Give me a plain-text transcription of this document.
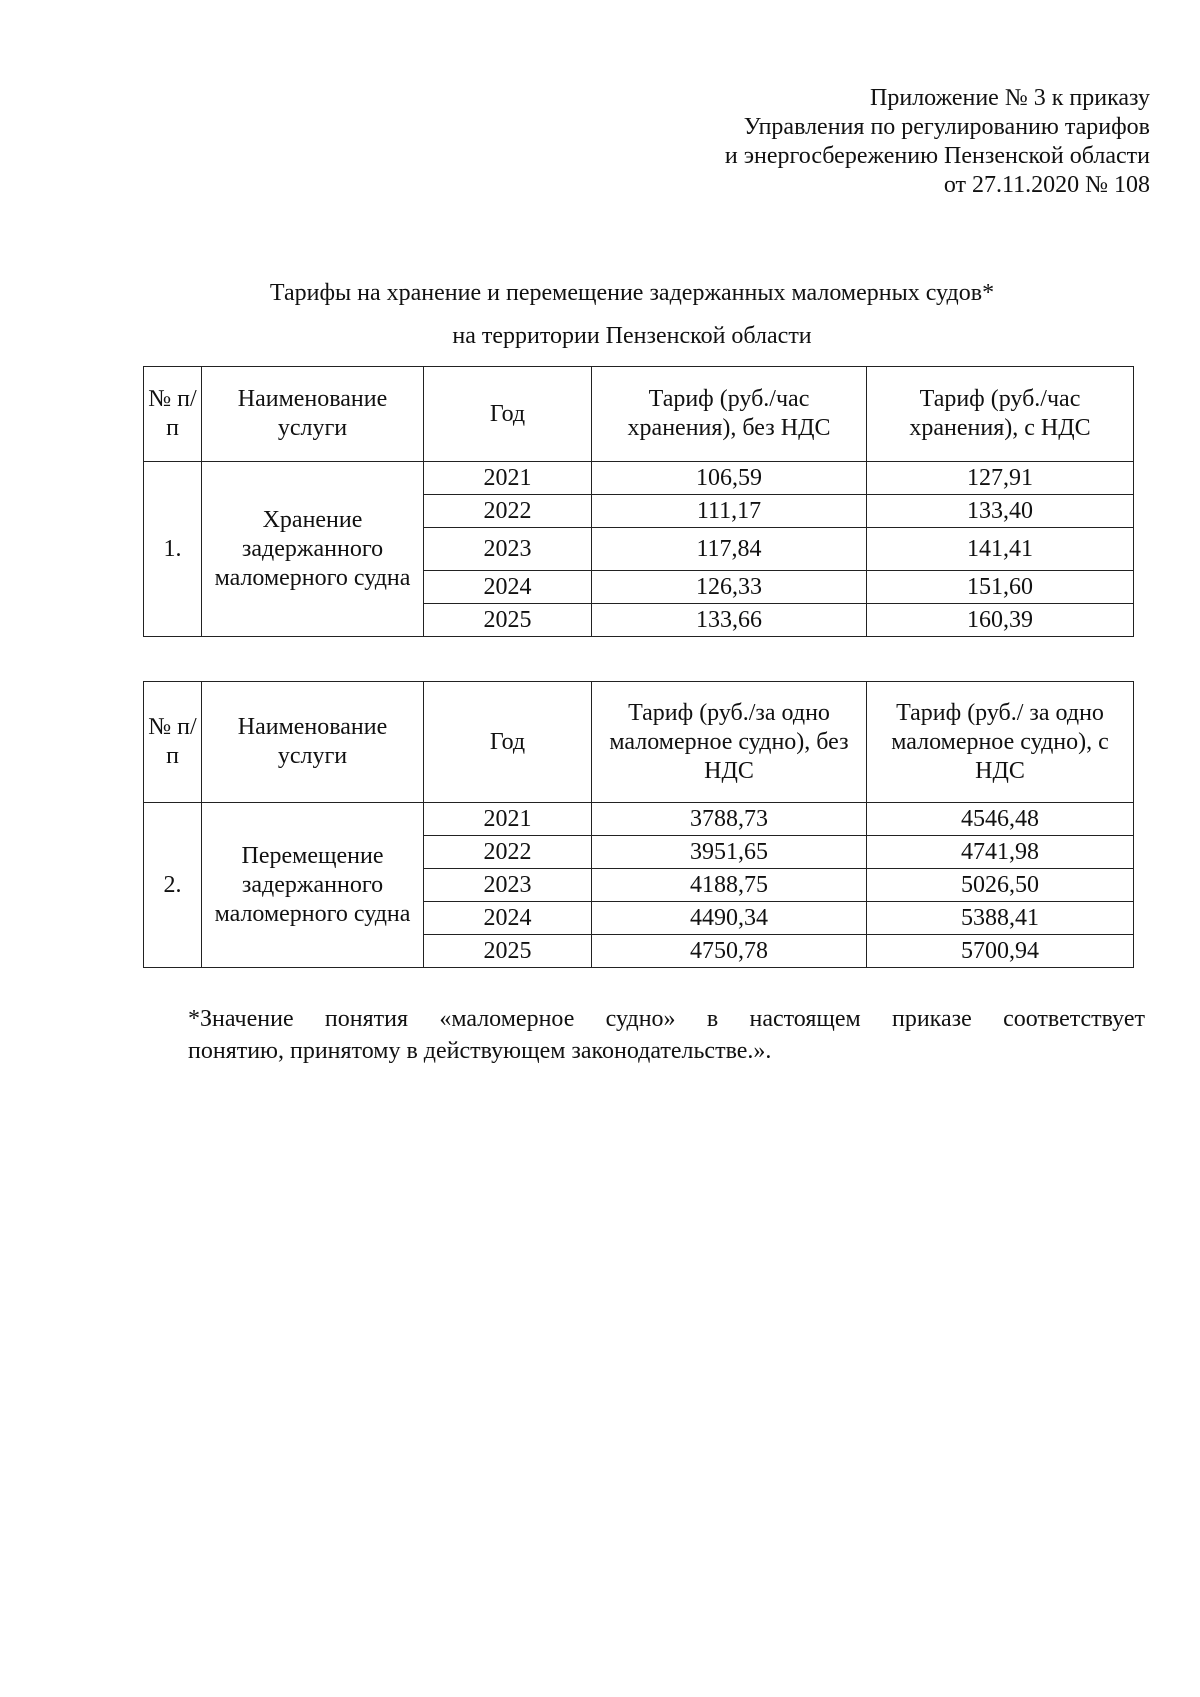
Приложение № 3 к приказу
Управления по регулированию тарифов
и энергосбережению Пензенской области
от 27.11.2020 № 108
Тарифы на хранение и перемещение задержанных маломерных судов*
на территории Пензенской области
№ п/п	Наименование услуги	Год	Тариф (руб./час хранения), без НДС	Тариф (руб./час хранения), с НДС
1.	Хранение задержанного маломерного судна	2021	106,59	127,91
		2022	111,17	133,40
		2023	117,84	141,41
		2024	126,33	151,60
		2025	133,66	160,39
№ п/п	Наименование услуги	Год	Тариф (руб./за одно маломерное судно), без НДС	Тариф (руб./ за одно маломерное судно), с НДС
2.	Перемещение задержанного маломерного судна	2021	3788,73	4546,48
		2022	3951,65	4741,98
		2023	4188,75	5026,50
		2024	4490,34	5388,41
		2025	4750,78	5700,94
*Значение понятия «маломерное судно» в настоящем приказе соответствует
понятию, принятому в действующем законодательстве.».
